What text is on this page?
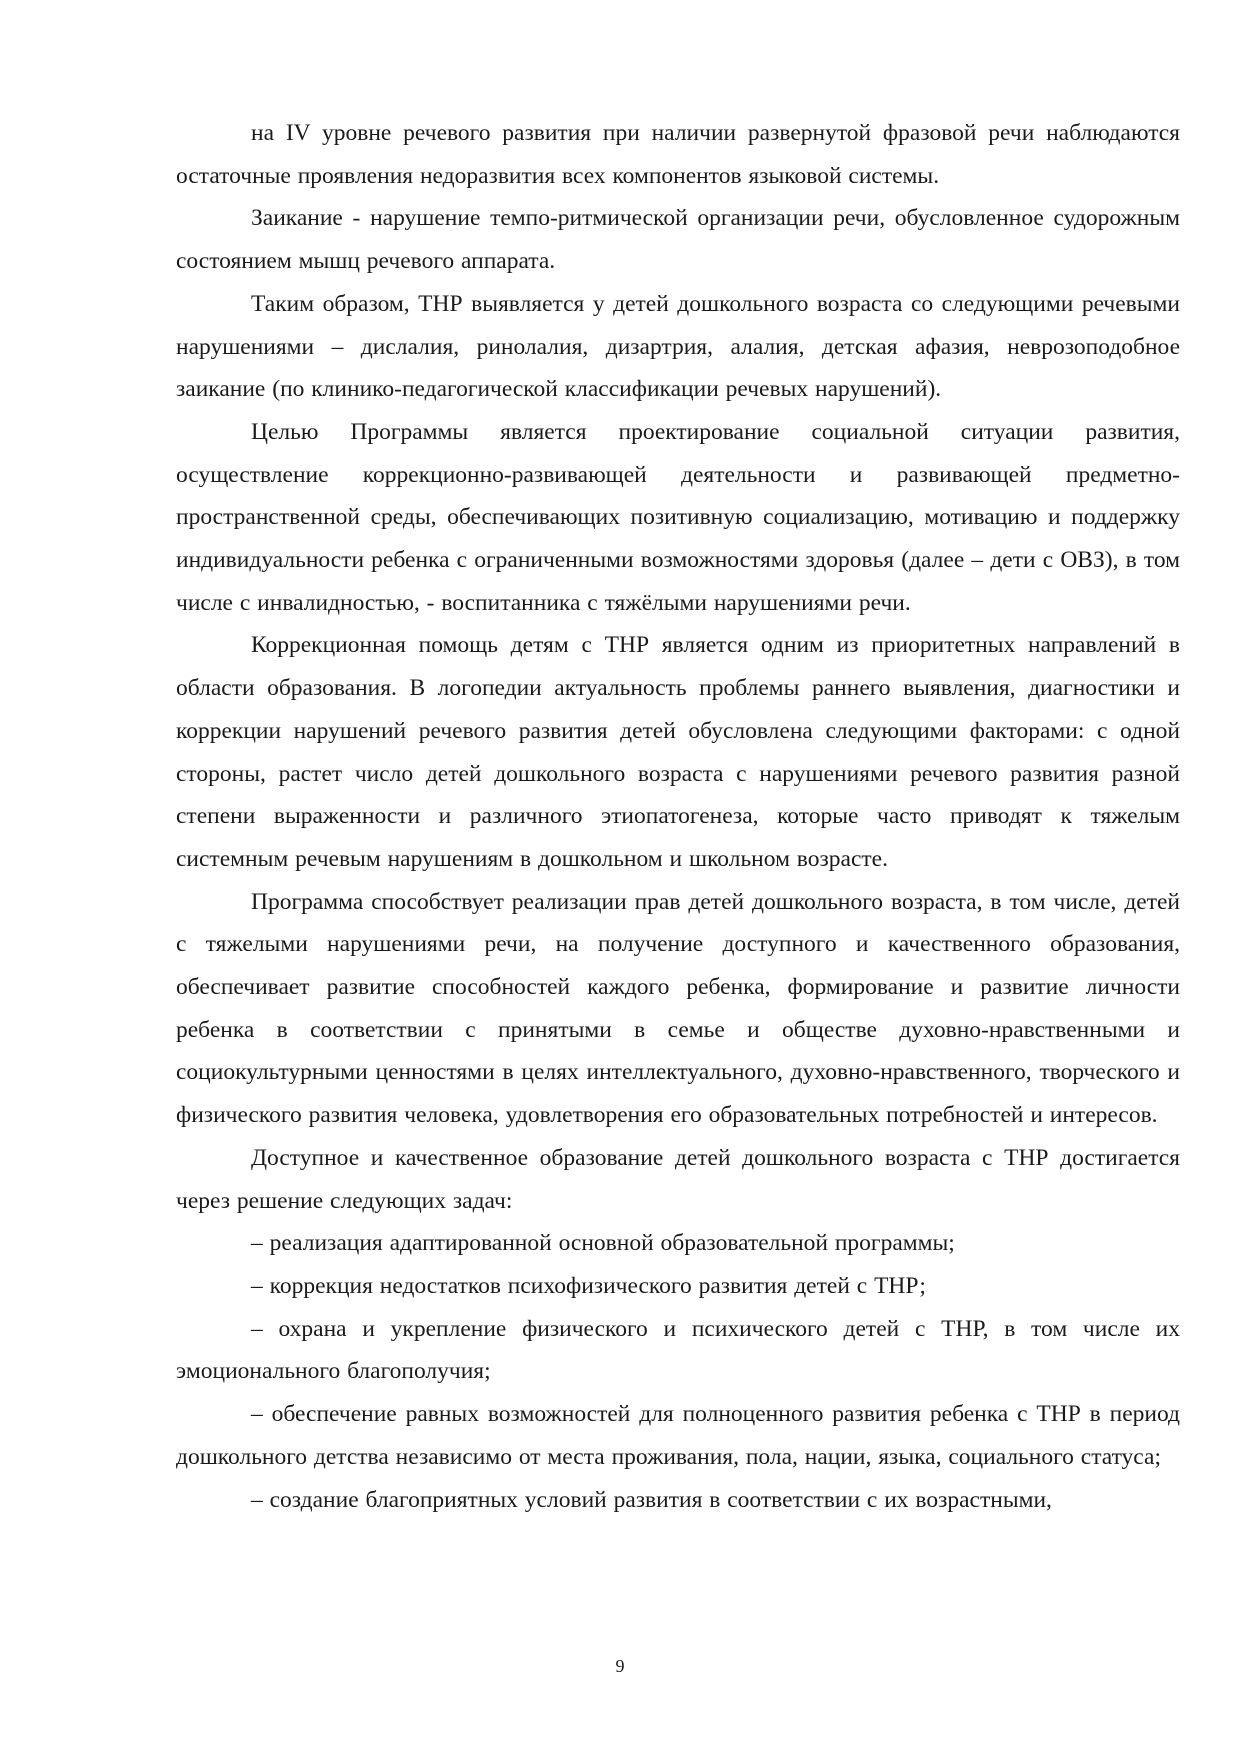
на IV уровне речевого развития при наличии развернутой фразовой речи наблюдаются остаточные проявления недоразвития всех компонентов языковой системы.

Заикание - нарушение темпо-ритмической организации речи, обусловленное судорожным состоянием мышц речевого аппарата.

Таким образом, ТНР выявляется у детей дошкольного возраста со следующими речевыми нарушениями – дислалия, ринолалия, дизартрия, алалия, детская афазия, неврозоподобное заикание (по клинико-педагогической классификации речевых нарушений).

Целью Программы является проектирование социальной ситуации развития, осуществление коррекционно-развивающей деятельности и развивающей предметно-пространственной среды, обеспечивающих позитивную социализацию, мотивацию и поддержку индивидуальности ребенка с ограниченными возможностями здоровья (далее – дети с ОВЗ), в том числе с инвалидностью, - воспитанника с тяжёлыми нарушениями речи.

Коррекционная помощь детям с ТНР является одним из приоритетных направлений в области образования. В логопедии актуальность проблемы раннего выявления, диагностики и коррекции нарушений речевого развития детей обусловлена следующими факторами: с одной стороны, растет число детей дошкольного возраста с нарушениями речевого развития разной степени выраженности и различного этиопатогенеза, которые часто приводят к тяжелым системным речевым нарушениям в дошкольном и школьном возрасте.

Программа способствует реализации прав детей дошкольного возраста, в том числе, детей с тяжелыми нарушениями речи, на получение доступного и качественного образования, обеспечивает развитие способностей каждого ребенка, формирование и развитие личности ребенка в соответствии с принятыми в семье и обществе духовно-нравственными и социокультурными ценностями в целях интеллектуального, духовно-нравственного, творческого и физического развития человека, удовлетворения его образовательных потребностей и интересов.

Доступное и качественное образование детей дошкольного возраста с ТНР достигается через решение следующих задач:

– реализация адаптированной основной образовательной программы;

– коррекция недостатков психофизического развития детей с ТНР;

– охрана и укрепление физического и психического детей с ТНР, в том числе их эмоционального благополучия;

– обеспечение равных возможностей для полноценного развития ребенка с ТНР в период дошкольного детства независимо от места проживания, пола, нации, языка, социального статуса;

– создание благоприятных условий развития в соответствии с их возрастными,

9
